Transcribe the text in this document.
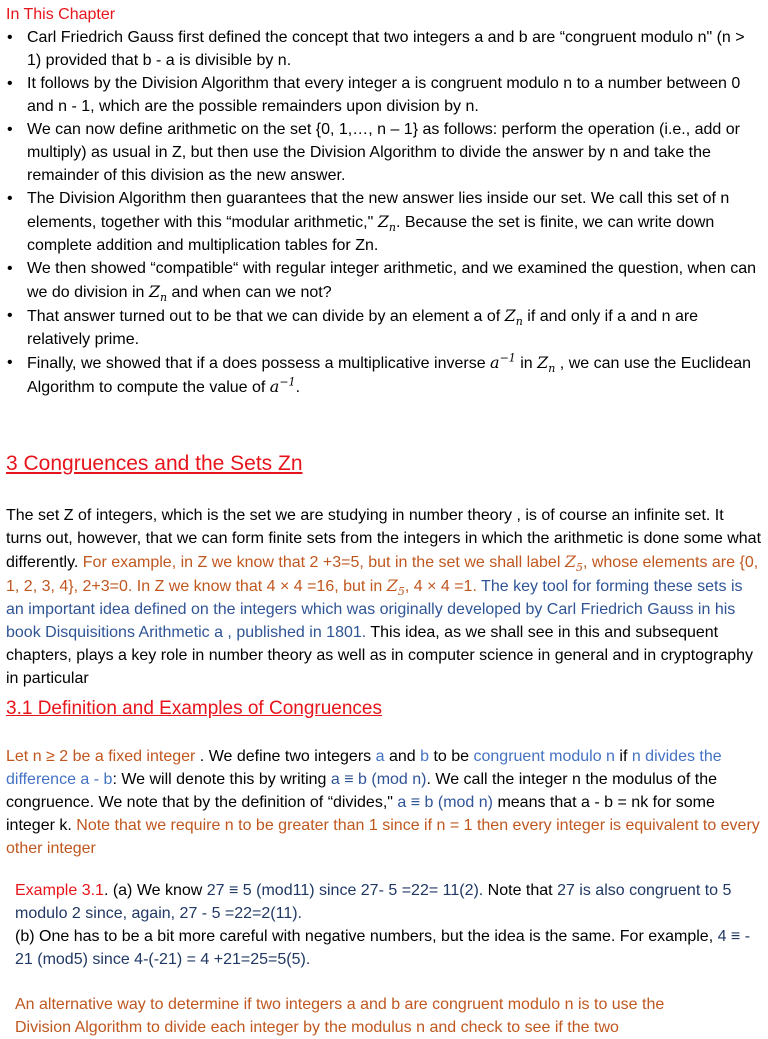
In This Chapter

• Carl Friedrich Gauss first defined the concept that two integers a and b are “congruent modulo n" (n > 1) provided that b - a is divisible by n.
• It follows by the Division Algorithm that every integer a is congruent modulo n to a number between 0 and n - 1, which are the possible remainders upon division by n.
• We can now define arithmetic on the set {0, 1,…, n – 1} as follows: perform the operation (i.e., add or multiply) as usual in Z, but then use the Division Algorithm to divide the answer by n and take the remainder of this division as the new answer.
• The Division Algorithm then guarantees that the new answer lies inside our set. We call this set of n elements, together with this “modular arithmetic," $Z_n$. Because the set is finite, we can write down complete addition and multiplication tables for Zn.
• We then showed “compatible“ with regular integer arithmetic, and we examined the question, when can we do division in $Z_n$ and when can we not?
• That answer turned out to be that we can divide by an element a of $Z_n$ if and only if a and n are relatively prime.
• Finally, we showed that if a does possess a multiplicative inverse $a^{-1}$ in $Z_n$ , we can use the Euclidean Algorithm to compute the value of $a^{-1}$.
3 Congruences and the Sets Zn

The set Z of integers, which is the set we are studying in number theory , is of course an infinite set. It turns out, however, that we can form finite sets from the integers in which the arithmetic is done some what differently. For example, in Z we know that 2 +3=5, but in the set we shall label $Z_5$, whose elements are {0, 1, 2, 3, 4}, 2+3=0. In Z we know that 4 × 4 =16, but in $Z_5$, 4 × 4 =1. The key tool for forming these sets is an important idea defined on the integers which was originally developed by Carl Friedrich Gauss in his book Disquisitions Arithmetic a , published in 1801. This idea, as we shall see in this and subsequent chapters, plays a key role in number theory as well as in computer science in general and in cryptography in particular

3.1 Definition and Examples of Congruences

Let n ≥ 2 be a fixed integer . We define two integers a and b to be congruent modulo n if n divides the difference a - b: We will denote this by writing a ≡ b (mod n). We call the integer n the modulus of the congruence. We note that by the definition of “divides," a ≡ b (mod n) means that a - b = nk for some integer k. Note that we require n to be greater than 1 since if n = 1 then every integer is equivalent to every other integer

Example 3.1. (a) We know 27 ≡ 5 (mod11) since 27- 5 =22= 11(2). Note that 27 is also congruent to 5 modulo 2 since, again, 27 - 5 =22=2(11).

(b) One has to be a bit more careful with negative numbers, but the idea is the same. For example, 4 ≡ - 21 (mod5) since 4-(-21) = 4 +21=25=5(5).

An alternative way to determine if two integers a and b are congruent modulo n is to use the

Division Algorithm to divide each integer by the modulus n and check to see if the two
